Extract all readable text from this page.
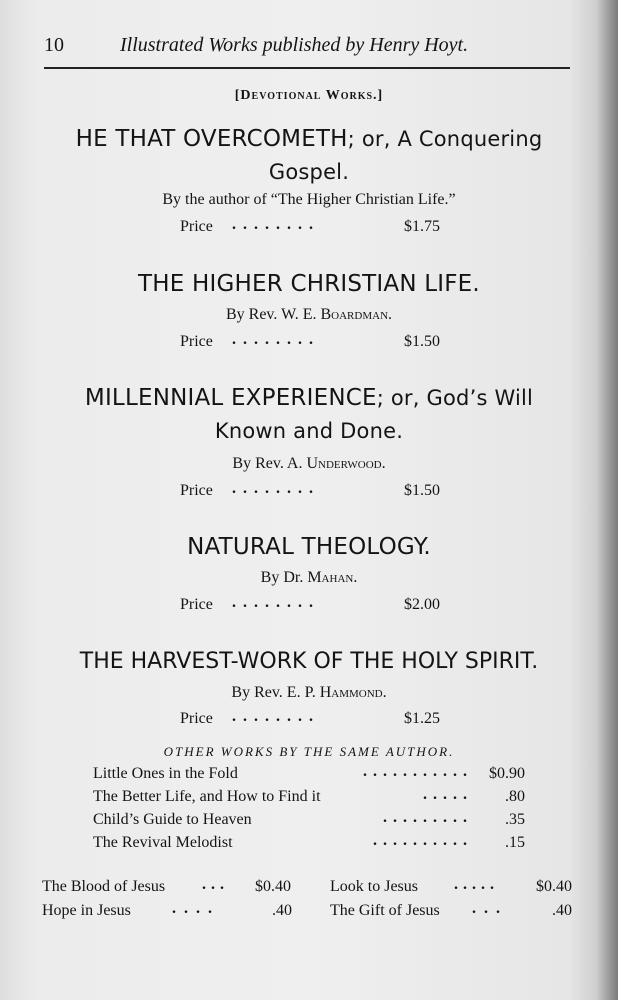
10	Illustrated Works published by Henry Hoyt.
[Devotional Works.]
HE THAT OVERCOMETH; or, A Conquering
Gospel.
By the author of “The Higher Christian Life.”
Price ........	$1.75
THE HIGHER CHRISTIAN LIFE.
By Rev. W. E. Boardman.
Price ........	$1.50
MILLENNIAL EXPERIENCE; or, God’s Will
Known and Done.
By Rev. A. Underwood.
Price ........	$1.50
NATURAL THEOLOGY.
By Dr. Mahan.
Price ........	$2.00
THE HARVEST-WORK OF THE HOLY SPIRIT.
By Rev. E. P. Hammond.
Price ........	$1.25
OTHER WORKS BY THE SAME AUTHOR.
Little Ones in the Fold	........... $0.90
The Better Life, and How to Find it	..... .80
Child’s Guide to Heaven	......... .35
The Revival Melodist	.......... .15
The Blood of Jesus ... $0.40 Look to Jesus ..... $0.40
Hope in Jesus	....	.40 The Gift of Jesus ...	.40
